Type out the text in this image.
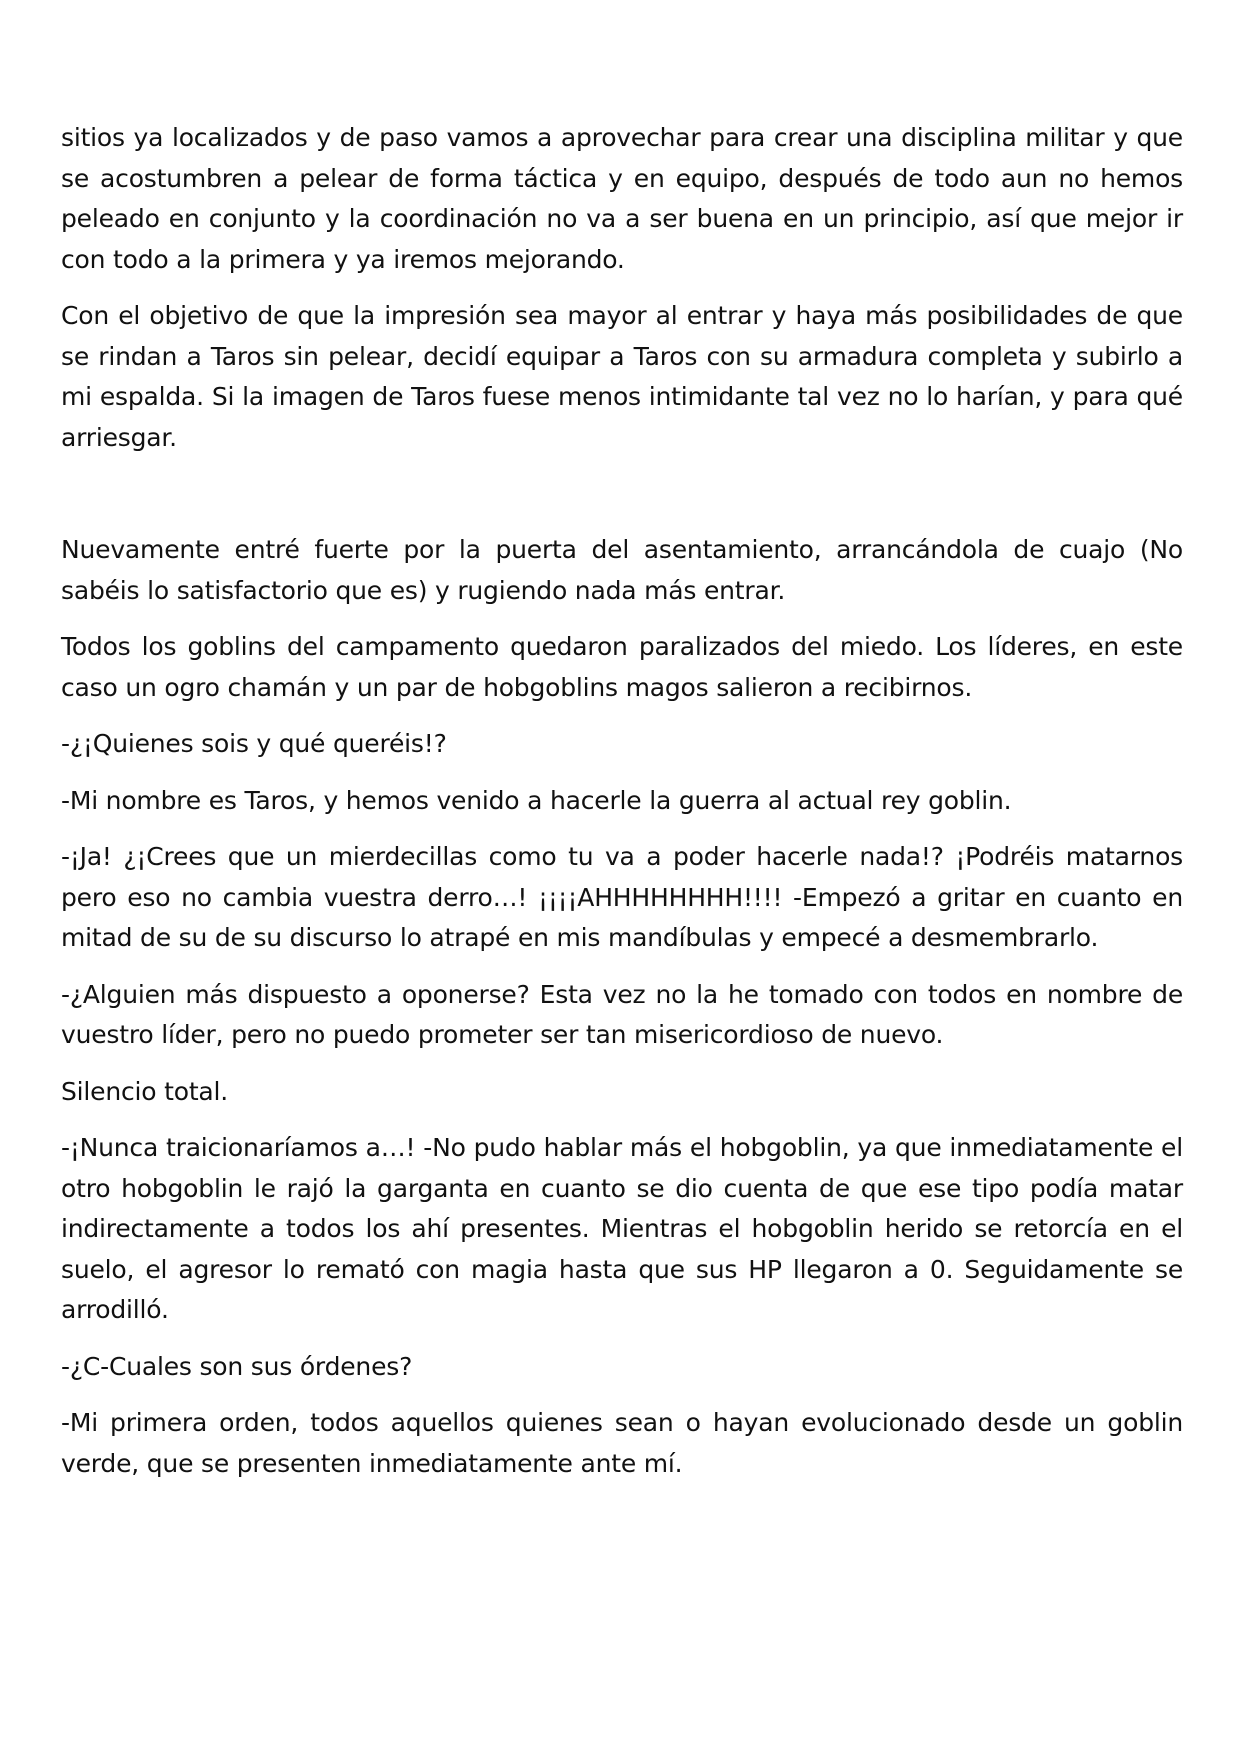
sitios ya localizados y de paso vamos a aprovechar para crear una disciplina militar y que se acostumbren a pelear de forma táctica y en equipo, después de todo aun no hemos peleado en conjunto y la coordinación no va a ser buena en un principio, así que mejor ir con todo a la primera y ya iremos mejorando.

Con el objetivo de que la impresión sea mayor al entrar y haya más posibilidades de que se rindan a Taros sin pelear, decidí equipar a Taros con su armadura completa y subirlo a mi espalda. Si la imagen de Taros fuese menos intimidante tal vez no lo harían, y para qué arriesgar.

Nuevamente entré fuerte por la puerta del asentamiento, arrancándola de cuajo (No sabéis lo satisfactorio que es) y rugiendo nada más entrar.

Todos los goblins del campamento quedaron paralizados del miedo. Los líderes, en este caso un ogro chamán y un par de hobgoblins magos salieron a recibirnos.

-¿¡Quienes sois y qué queréis!?

-Mi nombre es Taros, y hemos venido a hacerle la guerra al actual rey goblin.

-¡Ja! ¿¡Crees que un mierdecillas como tu va a poder hacerle nada!? ¡Podréis matarnos pero eso no cambia vuestra derro…! ¡¡¡¡AHHHHHHHH!!!! -Empezó a gritar en cuanto en mitad de su de su discurso lo atrapé en mis mandíbulas y empecé a desmembrarlo.

-¿Alguien más dispuesto a oponerse? Esta vez no la he tomado con todos en nombre de vuestro líder, pero no puedo prometer ser tan misericordioso de nuevo.

Silencio total.

-¡Nunca traicionaríamos a…! -No pudo hablar más el hobgoblin, ya que inmediatamente el otro hobgoblin le rajó la garganta en cuanto se dio cuenta de que ese tipo podía matar indirectamente a todos los ahí presentes. Mientras el hobgoblin herido se retorcía en el suelo, el agresor lo remató con magia hasta que sus HP llegaron a 0. Seguidamente se arrodilló.

-¿C-Cuales son sus órdenes?

-Mi primera orden, todos aquellos quienes sean o hayan evolucionado desde un goblin verde, que se presenten inmediatamente ante mí.
